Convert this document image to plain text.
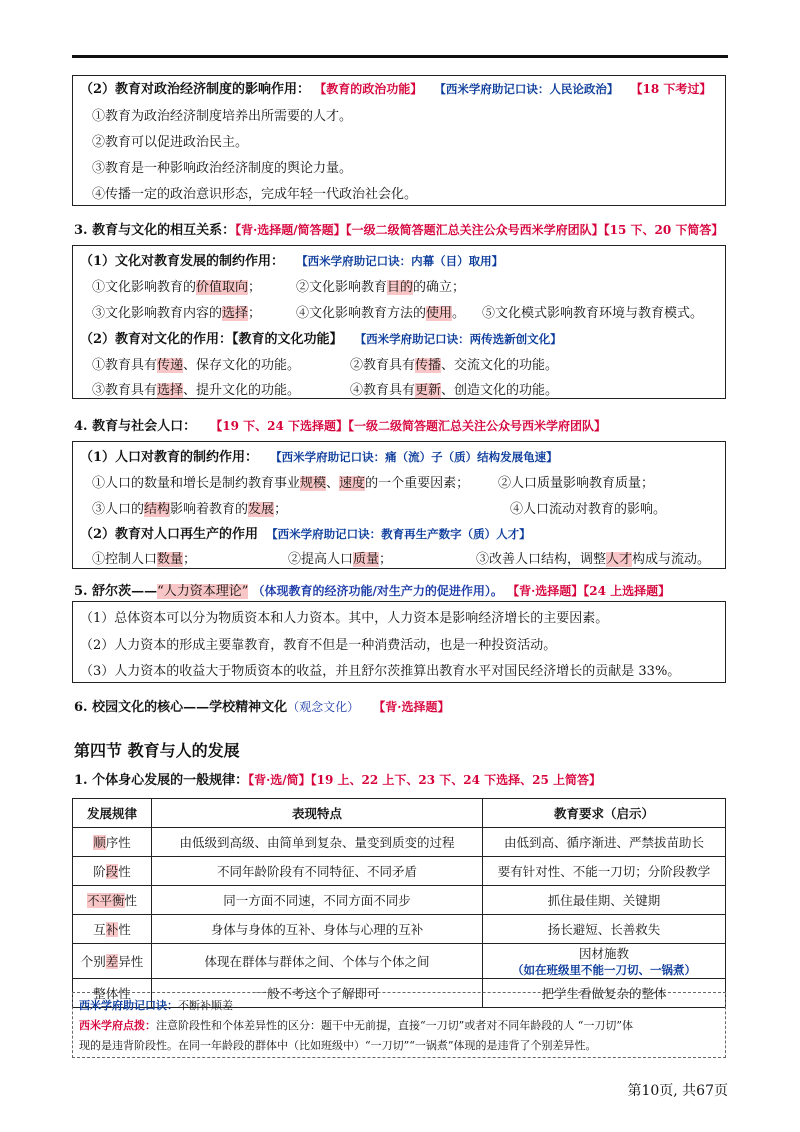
（2）教育对政治经济制度的影响作用： 【教育的政治功能】 【西米学府助记口诀：人民论政治】 【18 下考过】
①教育为政治经济制度培养出所需要的人才。
②教育可以促进政治民主。
③教育是一种影响政治经济制度的舆论力量。
④传播一定的政治意识形态，完成年轻一代政治社会化。
3. 教育与文化的相互关系：【背·选择题/简答题】【一级二级简答题汇总关注公众号西米学府团队】【15 下、20 下简答】
（1）文化对教育发展的制约作用： 【西米学府助记口诀：内幕（目）取用】
①文化影响教育的价值取向；	②文化影响教育目的的确立；
③文化影响教育内容的选择；	④文化影响教育方法的使用。 ⑤文化模式影响教育环境与教育模式。
（2）教育对文化的作用：【教育的文化功能】 【西米学府助记口诀：两传选新创文化】
①教育具有传递、保存文化的功能。	②教育具有传播、交流文化的功能。
③教育具有选择、提升文化的功能。	④教育具有更新、创造文化的功能。
4. 教育与社会人口： 【19 下、24 下选择题】【一级二级简答题汇总关注公众号西米学府团队】
（1）人口对教育的制约作用： 【西米学府助记口诀：痛（流）子（质）结构发展龟速】
①人口的数量和增长是制约教育事业规模、速度的一个重要因素； ②人口质量影响教育质量；
③人口的结构影响着教育的发展；	④人口流动对教育的影响。
（2）教育对人口再生产的作用 【西米学府助记口诀：教育再生产数字（质）人才】
①控制人口数量；	②提高人口质量；	③改善人口结构，调整人才构成与流动。
5. 舒尔茨——“人力资本理论” （体现教育的经济功能/对生产力的促进作用）。 【背·选择题】【24 上选择题】
（1）总体资本可以分为物质资本和人力资本。其中，人力资本是影响经济增长的主要因素。
（2）人力资本的形成主要靠教育，教育不但是一种消费活动，也是一种投资活动。
（3）人力资本的收益大于物质资本的收益，并且舒尔茨推算出教育水平对国民经济增长的贡献是 33%。
6. 校园文化的核心——学校精神文化（观念文化） 【背·选择题】
第四节 教育与人的发展
1. 个体身心发展的一般规律：【背·选/简】【19 上、22 上下、23 下、24 下选择、25 上简答】
发展规律	表现特点	教育要求（启示）
顺序性	由低级到高级、由简单到复杂、量变到质变的过程	由低到高、循序渐进、严禁拔苗助长
阶段性	不同年龄阶段有不同特征、不同矛盾	要有针对性、不能一刀切；分阶段教学
不平衡性	同一方面不同速，不同方面不同步	抓住最佳期、关键期
互补性	身体与身体的互补、身体与心理的互补	扬长避短、长善救失
个别差异性	体现在群体与群体之间、个体与个体之间	因材施教（如在班级里不能一刀切、一锅煮）
整体性	一般不考这个了解即可	把学生看做复杂的整体
西米学府助记口诀：不断补顺差
西米学府点拨：注意阶段性和个体差异性的区分：题干中无前提，直接“一刀切”或者对不同年龄段的人 “一刀切”体
现的是违背阶段性。在同一年龄段的群体中（比如班级中）“一刀切”“一锅煮”体现的是违背了个别差异性。
第10页, 共67页
